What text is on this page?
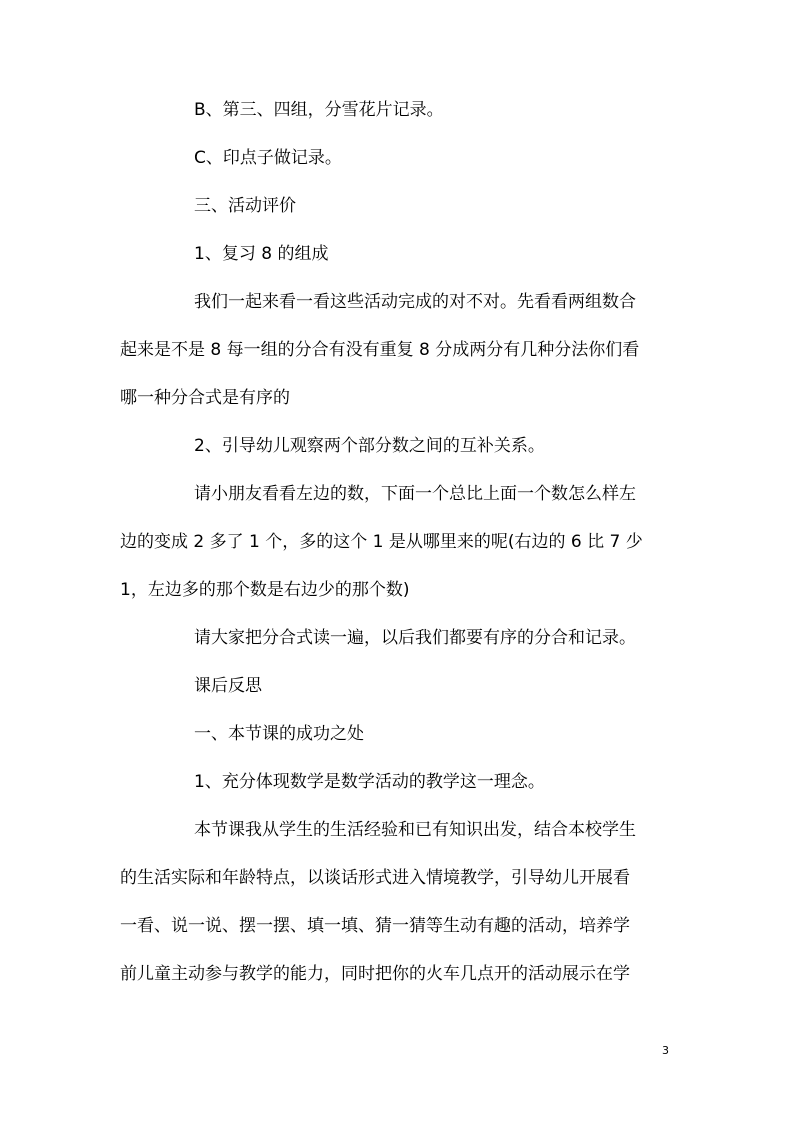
B、第三、四组，分雪花片记录。
C、印点子做记录。
三、活动评价
1、复习 8 的组成
我们一起来看一看这些活动完成的对不对。先看看两组数合
起来是不是 8 每一组的分合有没有重复 8 分成两分有几种分法你们看
哪一种分合式是有序的
2、引导幼儿观察两个部分数之间的互补关系。
请小朋友看看左边的数，下面一个总比上面一个数怎么样左
边的变成 2 多了 1 个，多的这个 1 是从哪里来的呢(右边的 6 比 7 少
1，左边多的那个数是右边少的那个数)
请大家把分合式读一遍，以后我们都要有序的分合和记录。
课后反思
一、本节课的成功之处
1、充分体现数学是数学活动的教学这一理念。
本节课我从学生的生活经验和已有知识出发，结合本校学生
的生活实际和年龄特点，以谈话形式进入情境教学，引导幼儿开展看
一看、说一说、摆一摆、填一填、猜一猜等生动有趣的活动，培养学
前儿童主动参与教学的能力，同时把你的火车几点开的活动展示在学
3
